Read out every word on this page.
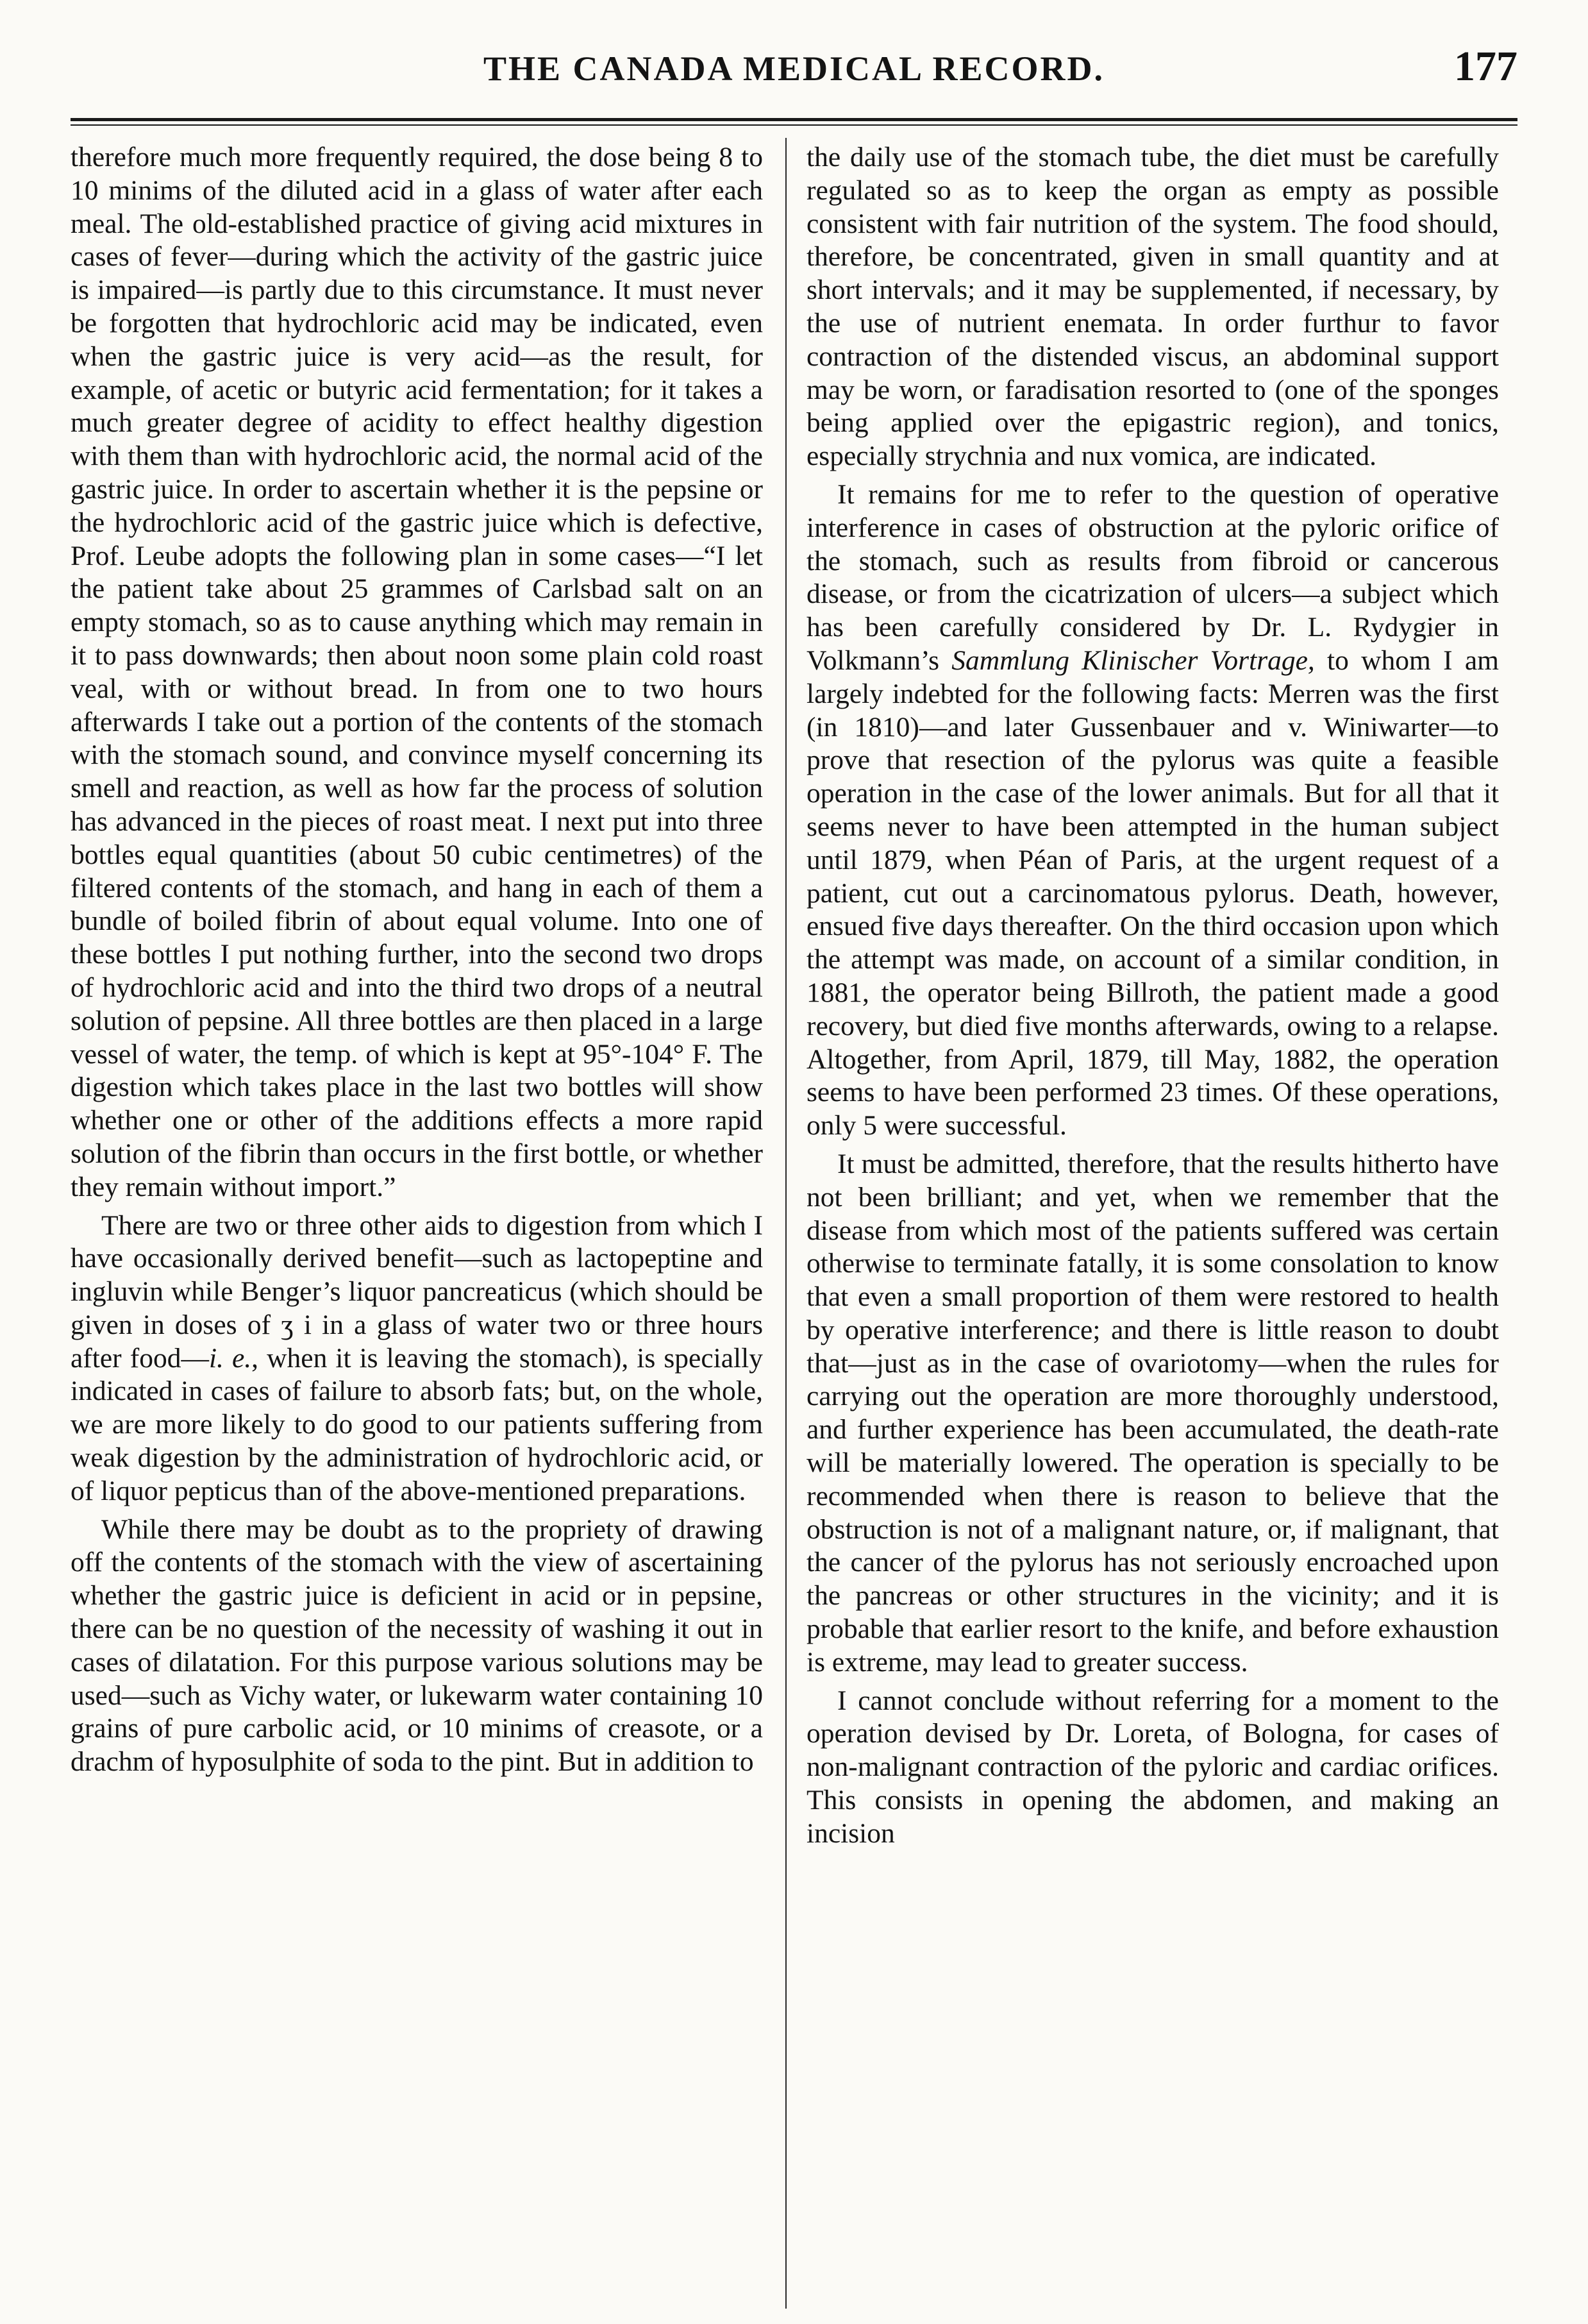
THE CANADA MEDICAL RECORD.	177

therefore much more frequently required, the dose being 8 to 10 minims of the diluted acid in a glass of water after each meal. The old-established practice of giving acid mixtures in cases of fever—during which the activity of the gastric juice is impaired—is partly due to this circumstance. It must never be forgotten that hydrochloric acid may be indicated, even when the gastric juice is very acid—as the result, for example, of acetic or butyric acid fermentation; for it takes a much greater degree of acidity to effect healthy digestion with them than with hydrochloric acid, the normal acid of the gastric juice. In order to ascertain whether it is the pepsine or the hydrochloric acid of the gastric juice which is defective, Prof. Leube adopts the following plan in some cases—“I let the patient take about 25 grammes of Carlsbad salt on an empty stomach, so as to cause anything which may remain in it to pass downwards; then about noon some plain cold roast veal, with or without bread. In from one to two hours afterwards I take out a portion of the contents of the stomach with the stomach sound, and convince myself concerning its smell and reaction, as well as how far the process of solution has advanced in the pieces of roast meat. I next put into three bottles equal quantities (about 50 cubic centimetres) of the filtered contents of the stomach, and hang in each of them a bundle of boiled fibrin of about equal volume. Into one of these bottles I put nothing further, into the second two drops of hydrochloric acid and into the third two drops of a neutral solution of pepsine. All three bottles are then placed in a large vessel of water, the temp. of which is kept at 95°-104° F. The digestion which takes place in the last two bottles will show whether one or other of the additions effects a more rapid solution of the fibrin than occurs in the first bottle, or whether they remain without import.”

There are two or three other aids to digestion from which I have occasionally derived benefit—such as lactopeptine and ingluvin while Benger’s liquor pancreaticus (which should be given in doses of ʒ i in a glass of water two or three hours after food—i. e., when it is leaving the stomach), is specially indicated in cases of failure to absorb fats; but, on the whole, we are more likely to do good to our patients suffering from weak digestion by the administration of hydrochloric acid, or of liquor pepticus than of the above-mentioned preparations.

While there may be doubt as to the propriety of drawing off the contents of the stomach with the view of ascertaining whether the gastric juice is deficient in acid or in pepsine, there can be no question of the necessity of washing it out in cases of dilatation. For this purpose various solutions may be used—such as Vichy water, or lukewarm water containing 10 grains of pure carbolic acid, or 10 minims of creasote, or a drachm of hyposulphite of soda to the pint. But in addition to

the daily use of the stomach tube, the diet must be carefully regulated so as to keep the organ as empty as possible consistent with fair nutrition of the system. The food should, therefore, be concentrated, given in small quantity and at short intervals; and it may be supplemented, if necessary, by the use of nutrient enemata. In order furthur to favor contraction of the distended viscus, an abdominal support may be worn, or faradisation resorted to (one of the sponges being applied over the epigastric region), and tonics, especially strychnia and nux vomica, are indicated.

It remains for me to refer to the question of operative interference in cases of obstruction at the pyloric orifice of the stomach, such as results from fibroid or cancerous disease, or from the cicatrization of ulcers—a subject which has been carefully considered by Dr. L. Rydygier in Volkmann’s Sammlung Klinischer Vortrage, to whom I am largely indebted for the following facts: Merren was the first (in 1810)—and later Gussenbauer and v. Winiwarter—to prove that resection of the pylorus was quite a feasible operation in the case of the lower animals. But for all that it seems never to have been attempted in the human subject until 1879, when Péan of Paris, at the urgent request of a patient, cut out a carcinomatous pylorus. Death, however, ensued five days thereafter. On the third occasion upon which the attempt was made, on account of a similar condition, in 1881, the operator being Billroth, the patient made a good recovery, but died five months afterwards, owing to a relapse. Altogether, from April, 1879, till May, 1882, the operation seems to have been performed 23 times. Of these operations, only 5 were successful.

It must be admitted, therefore, that the results hitherto have not been brilliant; and yet, when we remember that the disease from which most of the patients suffered was certain otherwise to terminate fatally, it is some consolation to know that even a small proportion of them were restored to health by operative interference; and there is little reason to doubt that—just as in the case of ovariotomy—when the rules for carrying out the operation are more thoroughly understood, and further experience has been accumulated, the death-rate will be materially lowered. The operation is specially to be recommended when there is reason to believe that the obstruction is not of a malignant nature, or, if malignant, that the cancer of the pylorus has not seriously encroached upon the pancreas or other structures in the vicinity; and it is probable that earlier resort to the knife, and before exhaustion is extreme, may lead to greater success.

I cannot conclude without referring for a moment to the operation devised by Dr. Loreta, of Bologna, for cases of non-malignant contraction of the pyloric and cardiac orifices. This consists in opening the abdomen, and making an incision
